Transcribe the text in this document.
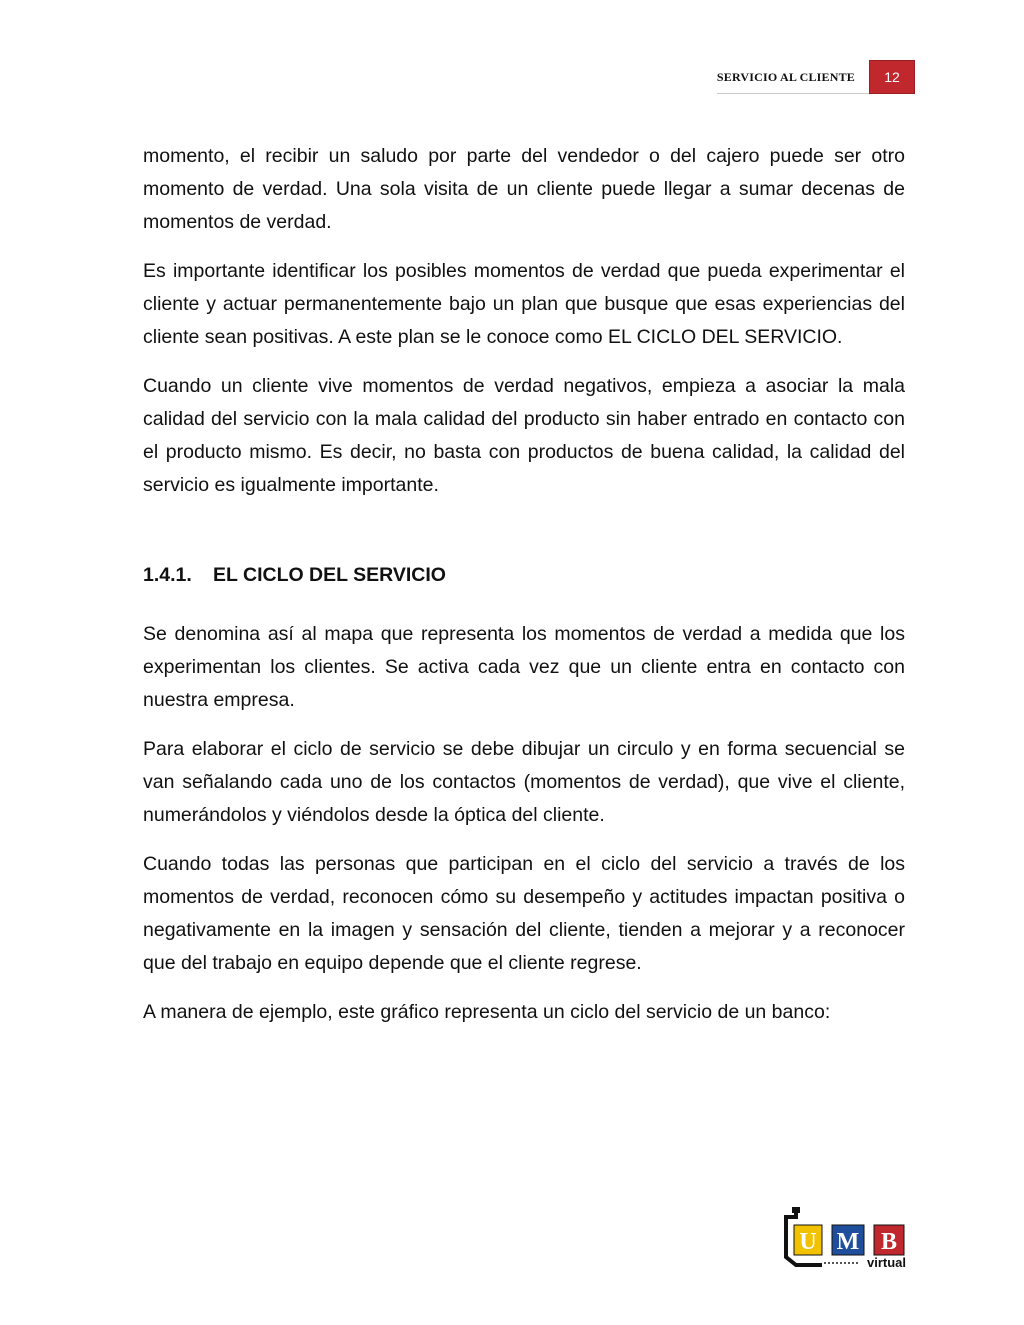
SERVICIO AL CLIENTE	12

momento, el recibir un saludo por parte del vendedor o del cajero puede ser otro momento de verdad. Una sola visita de un cliente puede llegar a sumar decenas de momentos de verdad.

Es importante identificar los posibles momentos de verdad que pueda experimentar el cliente y actuar permanentemente bajo un plan que busque que esas experiencias del cliente sean positivas. A este plan se le conoce como EL CICLO DEL SERVICIO.

Cuando un cliente vive momentos de verdad negativos, empieza a asociar la mala calidad del servicio con la mala calidad del producto sin haber entrado en contacto con el producto mismo. Es decir, no basta con productos de buena calidad, la calidad del servicio es igualmente importante.

1.4.1. EL CICLO DEL SERVICIO

Se denomina así al mapa que representa los momentos de verdad a medida que los experimentan los clientes. Se activa cada vez que un cliente entra en contacto con nuestra empresa.

Para elaborar el ciclo de servicio se debe dibujar un circulo y en forma secuencial se van señalando cada uno de los contactos (momentos de verdad), que vive el cliente, numerándolos y viéndolos desde la óptica del cliente.

Cuando todas las personas que participan en el ciclo del servicio a través de los momentos de verdad, reconocen cómo su desempeño y actitudes impactan positiva o negativamente en la imagen y sensación del cliente, tienden a mejorar y a reconocer que del trabajo en equipo depende que el cliente regrese.

A manera de ejemplo, este gráfico representa un ciclo del servicio de un banco:

U M B
virtual
